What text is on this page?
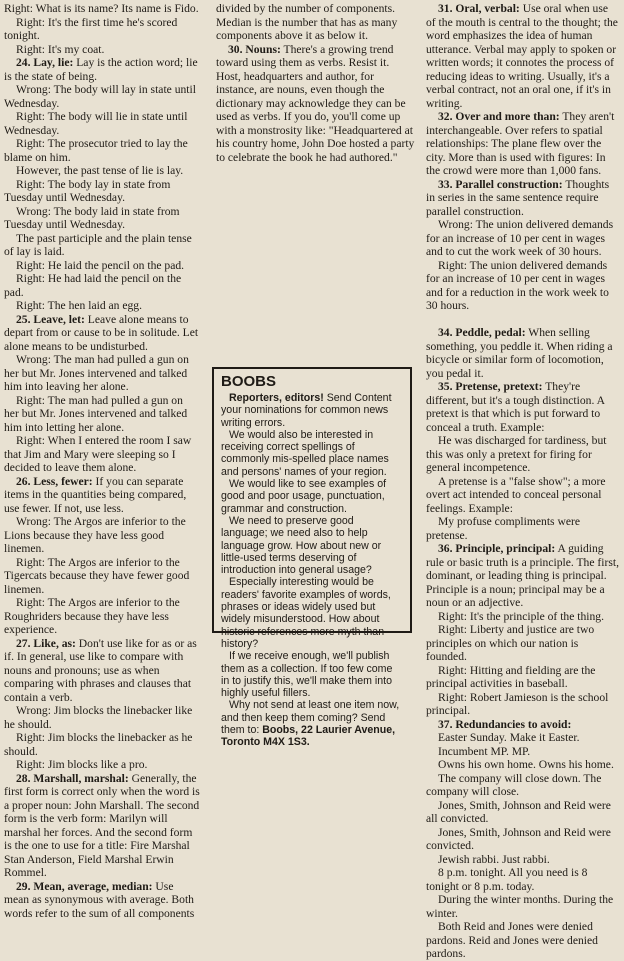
Right: What is its name? Its name is Fido.

Right: It's the first time he's scored tonight.

Right: It's my coat.

24. Lay, lie: Lay is the action word; lie is the state of being.

Wrong: The body will lay in state until Wednesday.

Right: The body will lie in state until Wednesday.

Right: The prosecutor tried to lay the blame on him.

However, the past tense of lie is lay.

Right: The body lay in state from Tuesday until Wednesday.

Wrong: The body laid in state from Tuesday until Wednesday.

The past participle and the plain tense of lay is laid.

Right: He laid the pencil on the pad.

Right: He had laid the pencil on the pad.

Right: The hen laid an egg.

25. Leave, let: Leave alone means to depart from or cause to be in solitude. Let alone means to be undisturbed.

Wrong: The man had pulled a gun on her but Mr. Jones intervened and talked him into leaving her alone.

Right: The man had pulled a gun on her but Mr. Jones intervened and talked him into letting her alone.

Right: When I entered the room I saw that Jim and Mary were sleeping so I decided to leave them alone.

26. Less, fewer: If you can separate items in the quantities being compared, use fewer. If not, use less.

Wrong: The Argos are inferior to the Lions because they have less good linemen.

Right: The Argos are inferior to the Tigercats because they have fewer good linemen.

Right: The Argos are inferior to the Roughriders because they have less experience.

27. Like, as: Don't use like for as or as if. In general, use like to compare with nouns and pronouns; use as when comparing with phrases and clauses that contain a verb.

Wrong: Jim blocks the linebacker like he should.

Right: Jim blocks the linebacker as he should.

Right: Jim blocks like a pro.

28. Marshall, marshal: Generally, the first form is correct only when the word is a proper noun: John Marshall. The second form is the verb form: Marilyn will marshal her forces. And the second form is the one to use for a title: Fire Marshal Stan Anderson, Field Marshal Erwin Rommel.

29. Mean, average, median: Use mean as synonymous with average. Both words refer to the sum of all components

divided by the number of components. Median is the number that has as many components above it as below it.

30. Nouns: There's a growing trend toward using them as verbs. Resist it. Host, headquarters and author, for instance, are nouns, even though the dictionary may acknowledge they can be used as verbs. If you do, you'll come up with a monstrosity like: "Headquartered at his country home, John Doe hosted a party to celebrate the book he had authored."

BOOBS

Reporters, editors! Send Content your nominations for common news writing errors.

We would also be interested in receiving correct spellings of commonly mis-spelled place names and persons' names of your region.

We would like to see examples of good and poor usage, punctuation, grammar and construction.

We need to preserve good language; we need also to help language grow. How about new or little-used terms deserving of introduction into general usage?

Especially interesting would be readers' favorite examples of words, phrases or ideas widely used but widely misunderstood. How about historic references more myth than history?

If we receive enough, we'll publish them as a collection. If too few come in to justify this, we'll make them into highly useful fillers.

Why not send at least one item now, and then keep them coming? Send them to: Boobs, 22 Laurier Avenue, Toronto M4X 1S3.

31. Oral, verbal: Use oral when use of the mouth is central to the thought; the word emphasizes the idea of human utterance. Verbal may apply to spoken or written words; it connotes the process of reducing ideas to writing. Usually, it's a verbal contract, not an oral one, if it's in writing.

32. Over and more than: They aren't interchangeable. Over refers to spatial relationships: The plane flew over the city. More than is used with figures: In the crowd were more than 1,000 fans.

33. Parallel construction: Thoughts in series in the same sentence require parallel construction.

Wrong: The union delivered demands for an increase of 10 per cent in wages and to cut the work week of 30 hours.

Right: The union delivered demands for an increase of 10 per cent in wages and for a reduction in the work week to 30 hours.

34. Peddle, pedal: When selling something, you peddle it. When riding a bicycle or similar form of locomotion, you pedal it.

35. Pretense, pretext: They're different, but it's a tough distinction. A pretext is that which is put forward to conceal a truth. Example:

He was discharged for tardiness, but this was only a pretext for firing for general incompetence.

A pretense is a "false show"; a more overt act intended to conceal personal feelings. Example:

My profuse compliments were pretense.

36. Principle, principal: A guiding rule or basic truth is a principle. The first, dominant, or leading thing is principal. Principle is a noun; principal may be a noun or an adjective.

Right: It's the principle of the thing.

Right: Liberty and justice are two principles on which our nation is founded.

Right: Hitting and fielding are the principal activities in baseball.

Right: Robert Jamieson is the school principal.

37. Redundancies to avoid:

Easter Sunday. Make it Easter.

Incumbent MP. MP.

Owns his own home. Owns his home.

The company will close down. The company will close.

Jones, Smith, Johnson and Reid were all convicted.

Jones, Smith, Johnson and Reid were convicted.

Jewish rabbi. Just rabbi.

8 p.m. tonight. All you need is 8 tonight or 8 p.m. today.

During the winter months. During the winter.

Both Reid and Jones were denied pardons. Reid and Jones were denied pardons.
